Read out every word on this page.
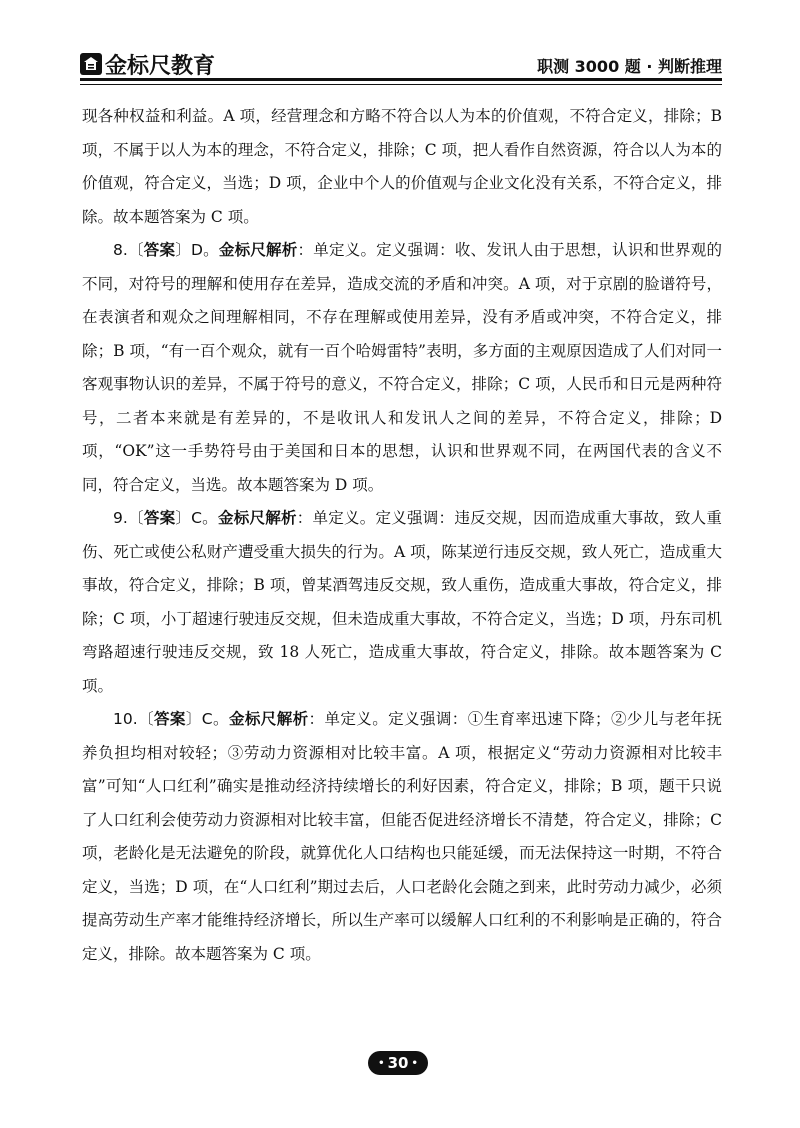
金标尺教育	职测 3000 题 · 判断推理

现各种权益和利益。A 项，经营理念和方略不符合以人为本的价值观，不符合定义，排除；B 项，不属于以人为本的理念，不符合定义，排除；C 项，把人看作自然资源，符合以人为本的价值观，符合定义，当选；D 项，企业中个人的价值观与企业文化没有关系，不符合定义，排除。故本题答案为 C 项。

8.〔答案〕D。金标尺解析：单定义。定义强调：收、发讯人由于思想，认识和世界观的不同，对符号的理解和使用存在差异，造成交流的矛盾和冲突。A 项，对于京剧的脸谱符号，在表演者和观众之间理解相同，不存在理解或使用差异，没有矛盾或冲突，不符合定义，排除；B 项，“有一百个观众，就有一百个哈姆雷特”表明，多方面的主观原因造成了人们对同一客观事物认识的差异，不属于符号的意义，不符合定义，排除；C 项，人民币和日元是两种符号，二者本来就是有差异的，不是收讯人和发讯人之间的差异，不符合定义，排除；D 项，“OK”这一手势符号由于美国和日本的思想，认识和世界观不同，在两国代表的含义不同，符合定义，当选。故本题答案为 D 项。

9.〔答案〕C。金标尺解析：单定义。定义强调：违反交规，因而造成重大事故，致人重伤、死亡或使公私财产遭受重大损失的行为。A 项，陈某逆行违反交规，致人死亡，造成重大事故，符合定义，排除；B 项，曾某酒驾违反交规，致人重伤，造成重大事故，符合定义，排除；C 项，小丁超速行驶违反交规，但未造成重大事故，不符合定义，当选；D 项，丹东司机弯路超速行驶违反交规，致 18 人死亡，造成重大事故，符合定义，排除。故本题答案为 C 项。

10.〔答案〕C。金标尺解析：单定义。定义强调：①生育率迅速下降；②少儿与老年抚养负担均相对较轻；③劳动力资源相对比较丰富。A 项，根据定义“劳动力资源相对比较丰富”可知“人口红利”确实是推动经济持续增长的利好因素，符合定义，排除；B 项，题干只说了人口红利会使劳动力资源相对比较丰富，但能否促进经济增长不清楚，符合定义，排除；C 项，老龄化是无法避免的阶段，就算优化人口结构也只能延缓，而无法保持这一时期，不符合定义，当选；D 项，在“人口红利”期过去后，人口老龄化会随之到来，此时劳动力减少，必须提高劳动生产率才能维持经济增长，所以生产率可以缓解人口红利的不利影响是正确的，符合定义，排除。故本题答案为 C 项。

• 30 •
